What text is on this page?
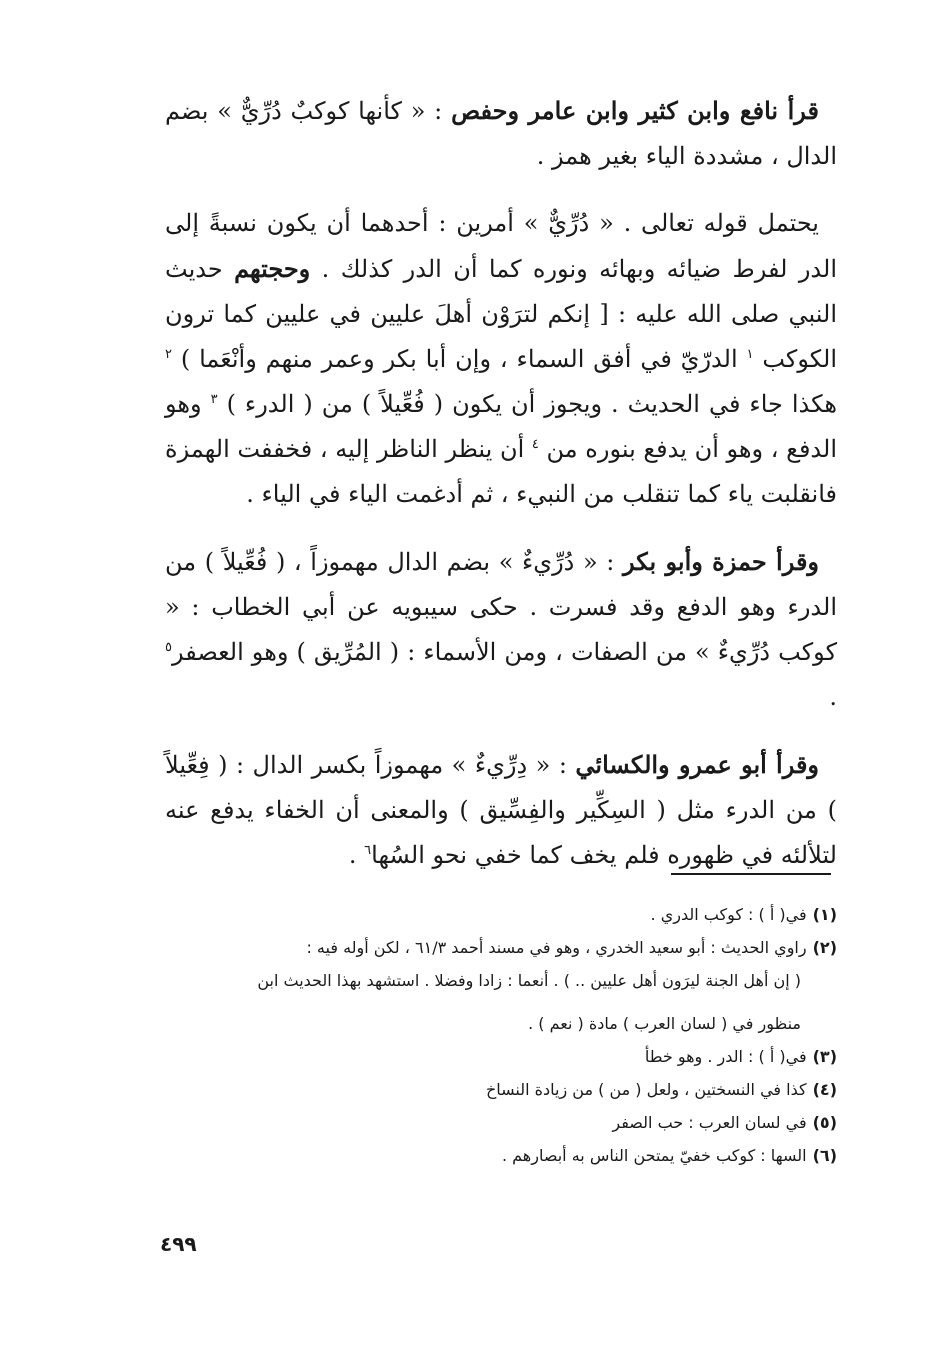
قرأ نافع وابن كثير وابن عامر وحفص : « كأنها كوكبٌ دُرِّيٌّ » بضم الدال ، مشددة الياء بغير همز .

يحتمل قوله تعالى . « دُرِّيٌّ » أمرين : أحدهما أن يكون نسبةً إلى الدر لفرط ضيائه وبهائه ونوره كما أن الدر كذلك . وحجتهم حديث النبي صلى الله عليه : [ إنكم لترَوْن أهلَ عليين في عليين كما ترون الكوكب $^١$ الدرّيّ في أفق السماء ، وإن أبا بكر وعمر منهم وأنْعَما ) $^٢$ هكذا جاء في الحديث . ويجوز أن يكون ( فُعِّيلاً ) من ( الدرء ) $^٣$ وهو الدفع ، وهو أن يدفع بنوره من $^٤$ أن ينظر الناظر إليه ، فخففت الهمزة فانقلبت ياء كما تنقلب من النبيء ، ثم أدغمت الياء في الياء .

وقرأ حمزة وأبو بكر : « دُرِّيءٌ » بضم الدال مهموزاً ، ( فُعِّيلاً ) من الدرء وهو الدفع وقد فسرت . حكى سيبويه عن أبي الخطاب : « كوكب دُرِّيءٌ » من الصفات ، ومن الأسماء : ( المُرِّيق ) وهو العصفر$^٥$ .

وقرأ أبو عمرو والكسائي : « دِرِّيءٌ » مهموزاً بكسر الدال : ( فِعِّيلاً ) من الدرء مثل ( السِكِّير والفِسِّيق ) والمعنى أن الخفاء يدفع عنه لتلألئه في ظهوره فلم يخف كما خفي نحو السُها$^٦$ .

(١)في( أ ) : كوكب الدري .

(٢)راوي الحديث : أبو سعيد الخدري ، وهو في مسند أحمد ٦١/٣ ، لكن أوله فيه :

( إن أهل الجنة ليرَون أهل عليين .. ) . أنعما : زادا وفضلا . استشهد بهذا الحديث ابن

منظور في ( لسان العرب ) مادة ( نعم ) .

(٣)في( أ ) : الدر . وهو خطأ

(٤)كذا في النسختين ، ولعل ( من ) من زيادة النساخ

(٥)في لسان العرب : حب الصفر

(٦)السها : كوكب خفيّ يمتحن الناس به أبصارهم .

٤٩٩
